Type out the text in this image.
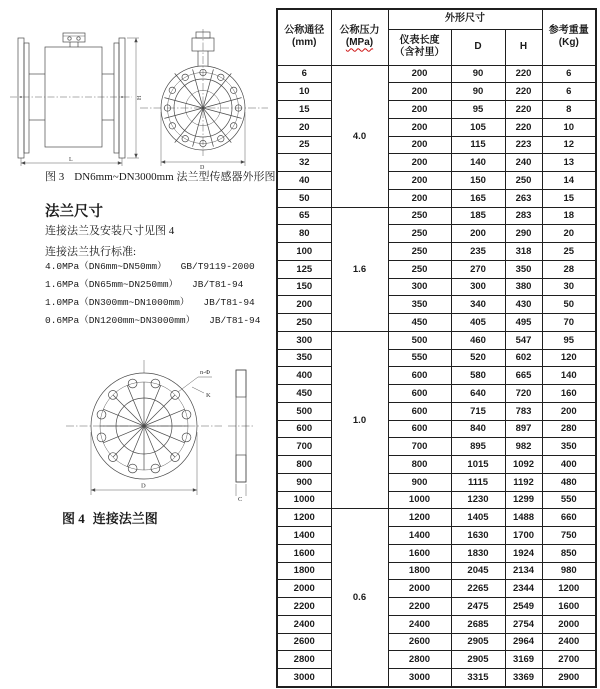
H
L
D
图 3 DN6mm~DN3000mm 法兰型传感器外形图
法兰尺寸
连接法兰及安装尺寸见图 4
连接法兰执行标准:
4.0MPa（DN6mm~DN50mm） GB/T9119-2000
1.6MPa（DN65mm~DN250mm） JB/T81-94
1.0MPa（DN300mm~DN1000mm） JB/T81-94
0.6MPa（DN1200mm~DN3000mm） JB/T81-94
n-Φ
K
D
C
图 4 连接法兰图
公称通径
(mm)	公称压力
(MPa)	外形尺寸			参考重量
(Kg)
		仪表长度
（含衬里）	D	H	
6	4.0	200	90	220	6
10		200	90	220	6
15		200	95	220	8
20		200	105	220	10
25		200	115	223	12
32		200	140	240	13
40		200	150	250	14
50		200	165	263	15
65	1.6	250	185	283	18
80		250	200	290	20
100		250	235	318	25
125		250	270	350	28
150		300	300	380	30
200		350	340	430	50
250		450	405	495	70
300	1.0	500	460	547	95
350		550	520	602	120
400		600	580	665	140
450		600	640	720	160
500		600	715	783	200
600		600	840	897	280
700		700	895	982	350
800		800	1015	1092	400
900		900	1115	1192	480
1000		1000	1230	1299	550
1200	0.6	1200	1405	1488	660
1400		1400	1630	1700	750
1600		1600	1830	1924	850
1800		1800	2045	2134	980
2000		2000	2265	2344	1200
2200		2200	2475	2549	1600
2400		2400	2685	2754	2000
2600		2600	2905	2964	2400
2800		2800	2905	3169	2700
3000		3000	3315	3369	2900
